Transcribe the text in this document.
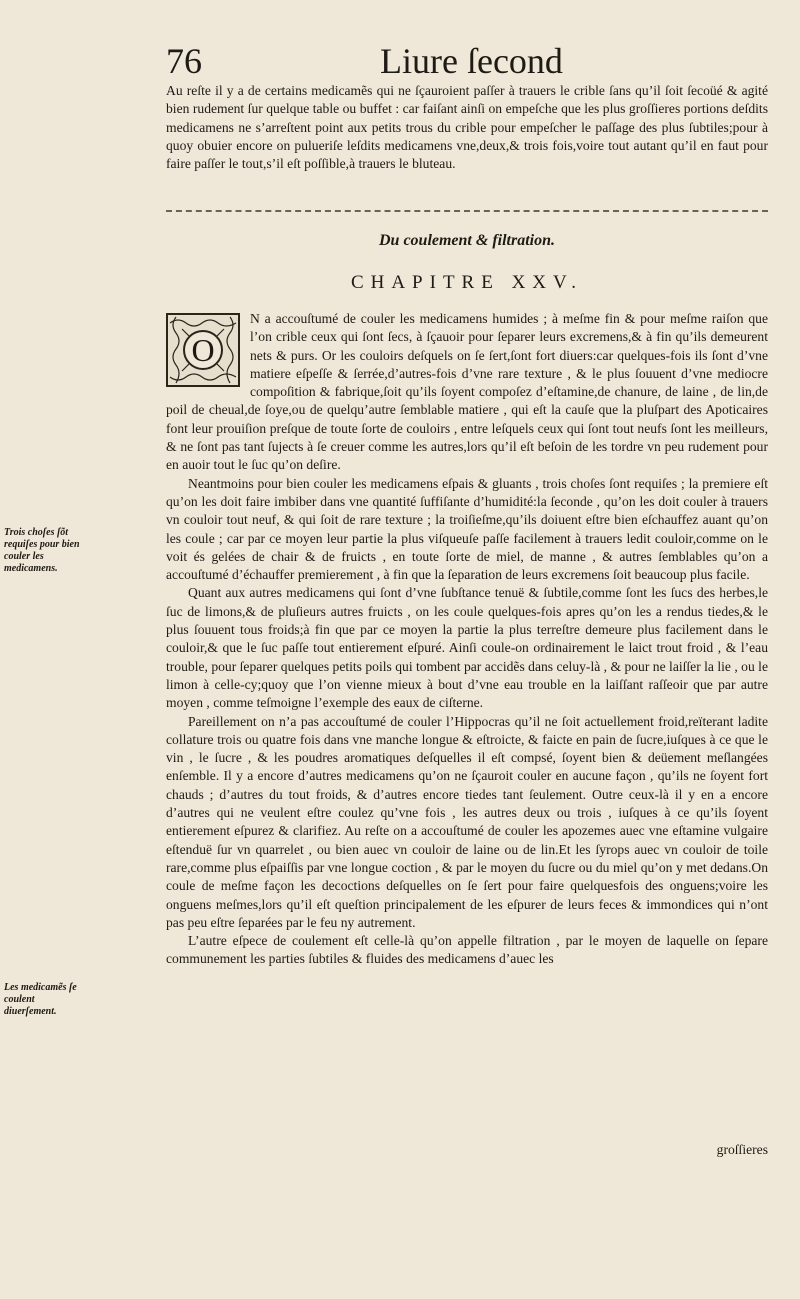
76	Liure ſecond

Au reſte il y a de certains medicamẽs qui ne ſçauroient paſſer à trauers le crible ſans qu’il ſoit ſecoüé & agité bien rudement ſur quelque table ou buffet : car faiſant ainſi on empeſche que les plus groſſieres portions deſdits medicamens ne s’arreſtent point aux petits trous du crible pour empeſcher le paſſage des plus ſubtiles;pour à quoy obuier encore on pulueriſe leſdits medicamens vne,deux,& trois fois,voire tout autant qu’il en faut pour faire paſſer le tout,s’il eſt poſſible,à trauers le bluteau.

Du coulement & filtration.
CHAPITRE XXV.
O

N a accouſtumé de couler les medicamens humides ; à meſme fin & pour meſme raiſon que l’on crible ceux qui ſont ſecs, à ſçauoir pour ſeparer leurs excremens,& à fin qu’ils demeurent nets & purs. Or les couloirs deſquels on ſe ſert,ſont fort diuers:car quelques-fois ils ſont d’vne matiere eſpeſſe & ſerrée,d’autres-fois d’vne rare texture , & le plus ſouuent d’vne mediocre compoſition & fabrique,ſoit qu’ils ſoyent compoſez d’eſtamine,de chanure, de laine , de lin,de poil de cheual,de ſoye,ou de quelqu’autre ſemblable matiere , qui eſt la cauſe que la pluſpart des Apoticaires font leur prouiſion preſque de toute ſorte de couloirs , entre leſquels ceux qui ſont tout neufs ſont les meilleurs, & ne ſont pas tant ſujects à ſe creuer comme les autres,lors qu’il eſt beſoin de les tordre vn peu rudement pour en auoir tout le ſuc qu’on deſire.

Neantmoins pour bien couler les medicamens eſpais & gluants , trois choſes ſont requiſes ; la premiere eſt qu’on les doit faire imbiber dans vne quantité ſuffiſante d’humidité:la ſeconde , qu’on les doit couler à trauers vn couloir tout neuf, & qui ſoit de rare texture ; la troiſieſme,qu’ils doiuent eſtre bien eſchauffez auant qu’on les coule ; car par ce moyen leur partie la plus viſqueuſe paſſe facilement à trauers ledit couloir,comme on le voit és gelées de chair & de fruicts , en toute ſorte de miel, de manne , & autres ſemblables qu’on a accouſtumé d’échauffer premierement , à fin que la ſeparation de leurs excremens ſoit beaucoup plus facile.

Quant aux autres medicamens qui ſont d’vne ſubſtance tenuë & ſubtile,comme ſont les ſucs des herbes,le ſuc de limons,& de pluſieurs autres fruicts , on les coule quelques-fois apres qu’on les a rendus tiedes,& le plus ſouuent tous froids;à fin que par ce moyen la partie la plus terreſtre demeure plus facilement dans le couloir,& que le ſuc paſſe tout entierement eſpuré. Ainſi coule-on ordinairement le laict trout froid , & l’eau trouble, pour ſeparer quelques petits poils qui tombent par accidẽs dans celuy-là , & pour ne laiſſer la lie , ou le limon à celle-cy;quoy que l’on vienne mieux à bout d’vne eau trouble en la laiſſant raſſeoir que par autre moyen , comme teſmoigne l’exemple des eaux de ciſterne.

Pareillement on n’a pas accouſtumé de couler l’Hippocras qu’il ne ſoit actuellement froid,reïterant ladite collature trois ou quatre fois dans vne manche longue & eſtroicte, & faicte en pain de ſucre,iuſques à ce que le vin , le ſucre , & les poudres aromatiques deſquelles il eſt compsé, ſoyent bien & deüement meſlangées enſemble. Il y a encore d’autres medicamens qu’on ne ſçauroit couler en aucune façon , qu’ils ne ſoyent fort chauds ; d’autres du tout froids, & d’autres encore tiedes tant ſeulement. Outre ceux-là il y en a encore d’autres qui ne veulent eſtre coulez qu’vne fois , les autres deux ou trois , iuſques à ce qu’ils ſoyent entierement eſpurez & clarifiez. Au reſte on a accouſtumé de couler les apozemes auec vne eſtamine vulgaire eſtenduë ſur vn quarrelet , ou bien auec vn couloir de laine ou de lin.Et les ſyrops auec vn couloir de toile rare,comme plus eſpaiſſis par vne longue coction , & par le moyen du ſucre ou du miel qu’on y met dedans.On coule de meſme façon les decoctions deſquelles on ſe ſert pour faire quelquesfois des onguens;voire les onguens meſmes,lors qu’il eſt queſtion principalement de les eſpurer de leurs feces & immondices qui n’ont pas peu eſtre ſeparées par le feu ny autrement.

L’autre eſpece de coulement eſt celle-là qu’on appelle filtration , par le moyen de laquelle on ſepare communement les parties ſubtiles & fluides des medicamens d’auec les

Trois choſes ſõt requiſes pour bien couler les medicamens.
Les medicamẽs ſe coulent diuerſement.
groſſieres
